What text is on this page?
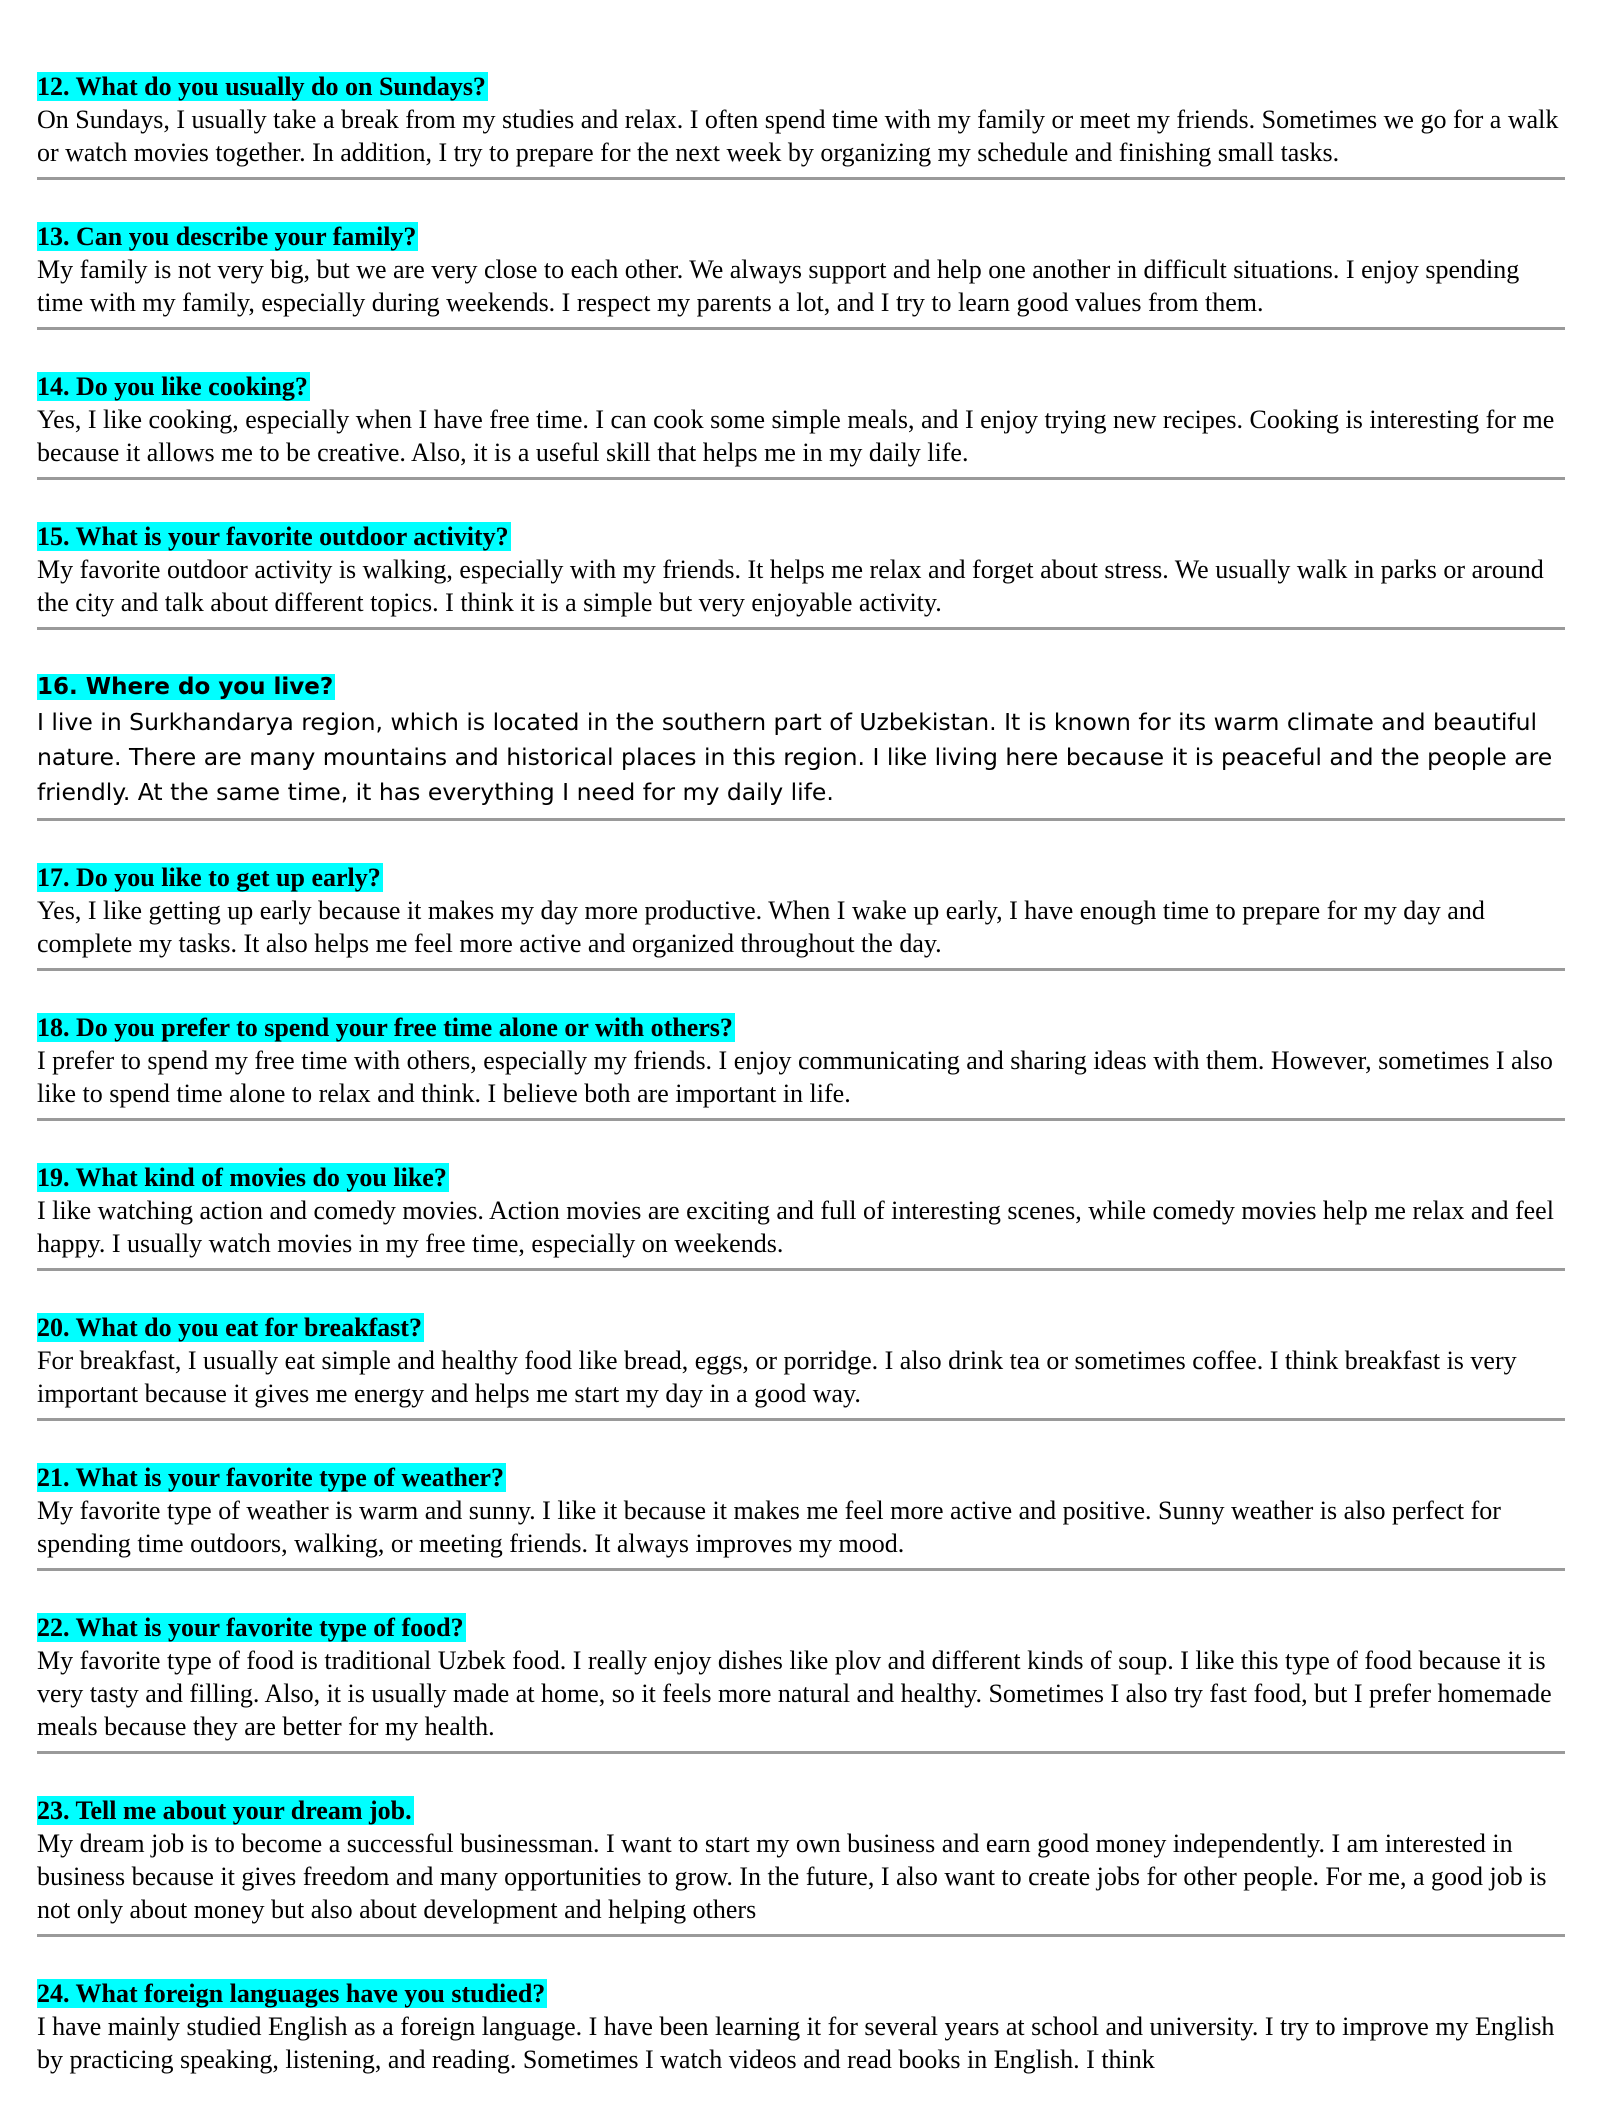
12. What do you usually do on Sundays?

On Sundays, I usually take a break from my studies and relax. I often spend time with my family or meet my friends. Sometimes we go for a walk or watch movies together. In addition, I try to prepare for the next week by organizing my schedule and finishing small tasks.

13. Can you describe your family?

My family is not very big, but we are very close to each other. We always support and help one another in difficult situations. I enjoy spending time with my family, especially during weekends. I respect my parents a lot, and I try to learn good values from them.

14. Do you like cooking?

Yes, I like cooking, especially when I have free time. I can cook some simple meals, and I enjoy trying new recipes. Cooking is interesting for me because it allows me to be creative. Also, it is a useful skill that helps me in my daily life.

15. What is your favorite outdoor activity?

My favorite outdoor activity is walking, especially with my friends. It helps me relax and forget about stress. We usually walk in parks or around the city and talk about different topics. I think it is a simple but very enjoyable activity.

16. Where do you live?

I live in Surkhandarya region, which is located in the southern part of Uzbekistan. It is known for its warm climate and beautiful nature. There are many mountains and historical places in this region. I like living here because it is peaceful and the people are friendly. At the same time, it has everything I need for my daily life.

17. Do you like to get up early?

Yes, I like getting up early because it makes my day more productive. When I wake up early, I have enough time to prepare for my day and complete my tasks. It also helps me feel more active and organized throughout the day.

18. Do you prefer to spend your free time alone or with others?

I prefer to spend my free time with others, especially my friends. I enjoy communicating and sharing ideas with them. However, sometimes I also like to spend time alone to relax and think. I believe both are important in life.

19. What kind of movies do you like?

I like watching action and comedy movies. Action movies are exciting and full of interesting scenes, while comedy movies help me relax and feel happy. I usually watch movies in my free time, especially on weekends.

20. What do you eat for breakfast?

For breakfast, I usually eat simple and healthy food like bread, eggs, or porridge. I also drink tea or sometimes coffee. I think breakfast is very important because it gives me energy and helps me start my day in a good way.

21. What is your favorite type of weather?

My favorite type of weather is warm and sunny. I like it because it makes me feel more active and positive. Sunny weather is also perfect for spending time outdoors, walking, or meeting friends. It always improves my mood.

22. What is your favorite type of food?

My favorite type of food is traditional Uzbek food. I really enjoy dishes like plov and different kinds of soup. I like this type of food because it is very tasty and filling. Also, it is usually made at home, so it feels more natural and healthy. Sometimes I also try fast food, but I prefer homemade meals because they are better for my health.

23. Tell me about your dream job.

My dream job is to become a successful businessman. I want to start my own business and earn good money independently. I am interested in business because it gives freedom and many opportunities to grow. In the future, I also want to create jobs for other people. For me, a good job is not only about money but also about development and helping others

24. What foreign languages have you studied?

I have mainly studied English as a foreign language. I have been learning it for several years at school and university. I try to improve my English by practicing speaking, listening, and reading. Sometimes I watch videos and read books in English. I think
